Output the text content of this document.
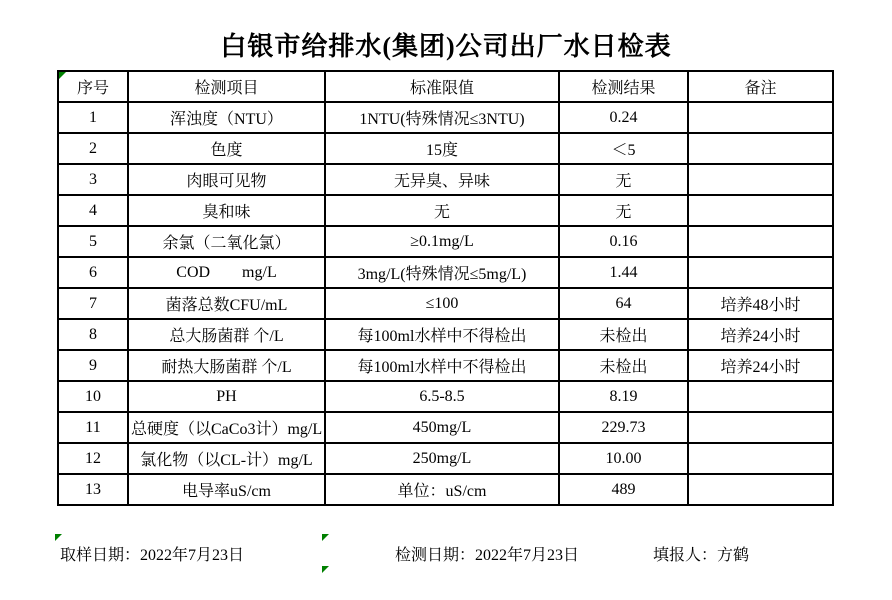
白银市给排水(集团)公司出厂水日检表
序号	检测项目	标准限值	检测结果	备注
1	浑浊度（NTU）	1NTU(特殊情况≤3NTU)	0.24	
2	色度	15度	＜5	
3	肉眼可见物	无异臭、异味	无	
4	臭和味	无	无	
5	余氯（二氧化氯）	≥0.1mg/L	0.16	
6	COD        mg/L	3mg/L(特殊情况≤5mg/L)	1.44	
7	菌落总数CFU/mL	≤100	64	培养48小时
8	总大肠菌群 个/L	每100ml水样中不得检出	未检出	培养24小时
9	耐热大肠菌群 个/L	每100ml水样中不得检出	未检出	培养24小时
10	PH	6.5-8.5	8.19	
11	总硬度（以CaCo3计）mg/L	450mg/L	229.73	
12	氯化物（以CL-计）mg/L	250mg/L	10.00	
13	电导率uS/cm	单位：uS/cm	489	
取样日期：2022年7月23日	检测日期：2022年7月23日	填报人：方鹤
